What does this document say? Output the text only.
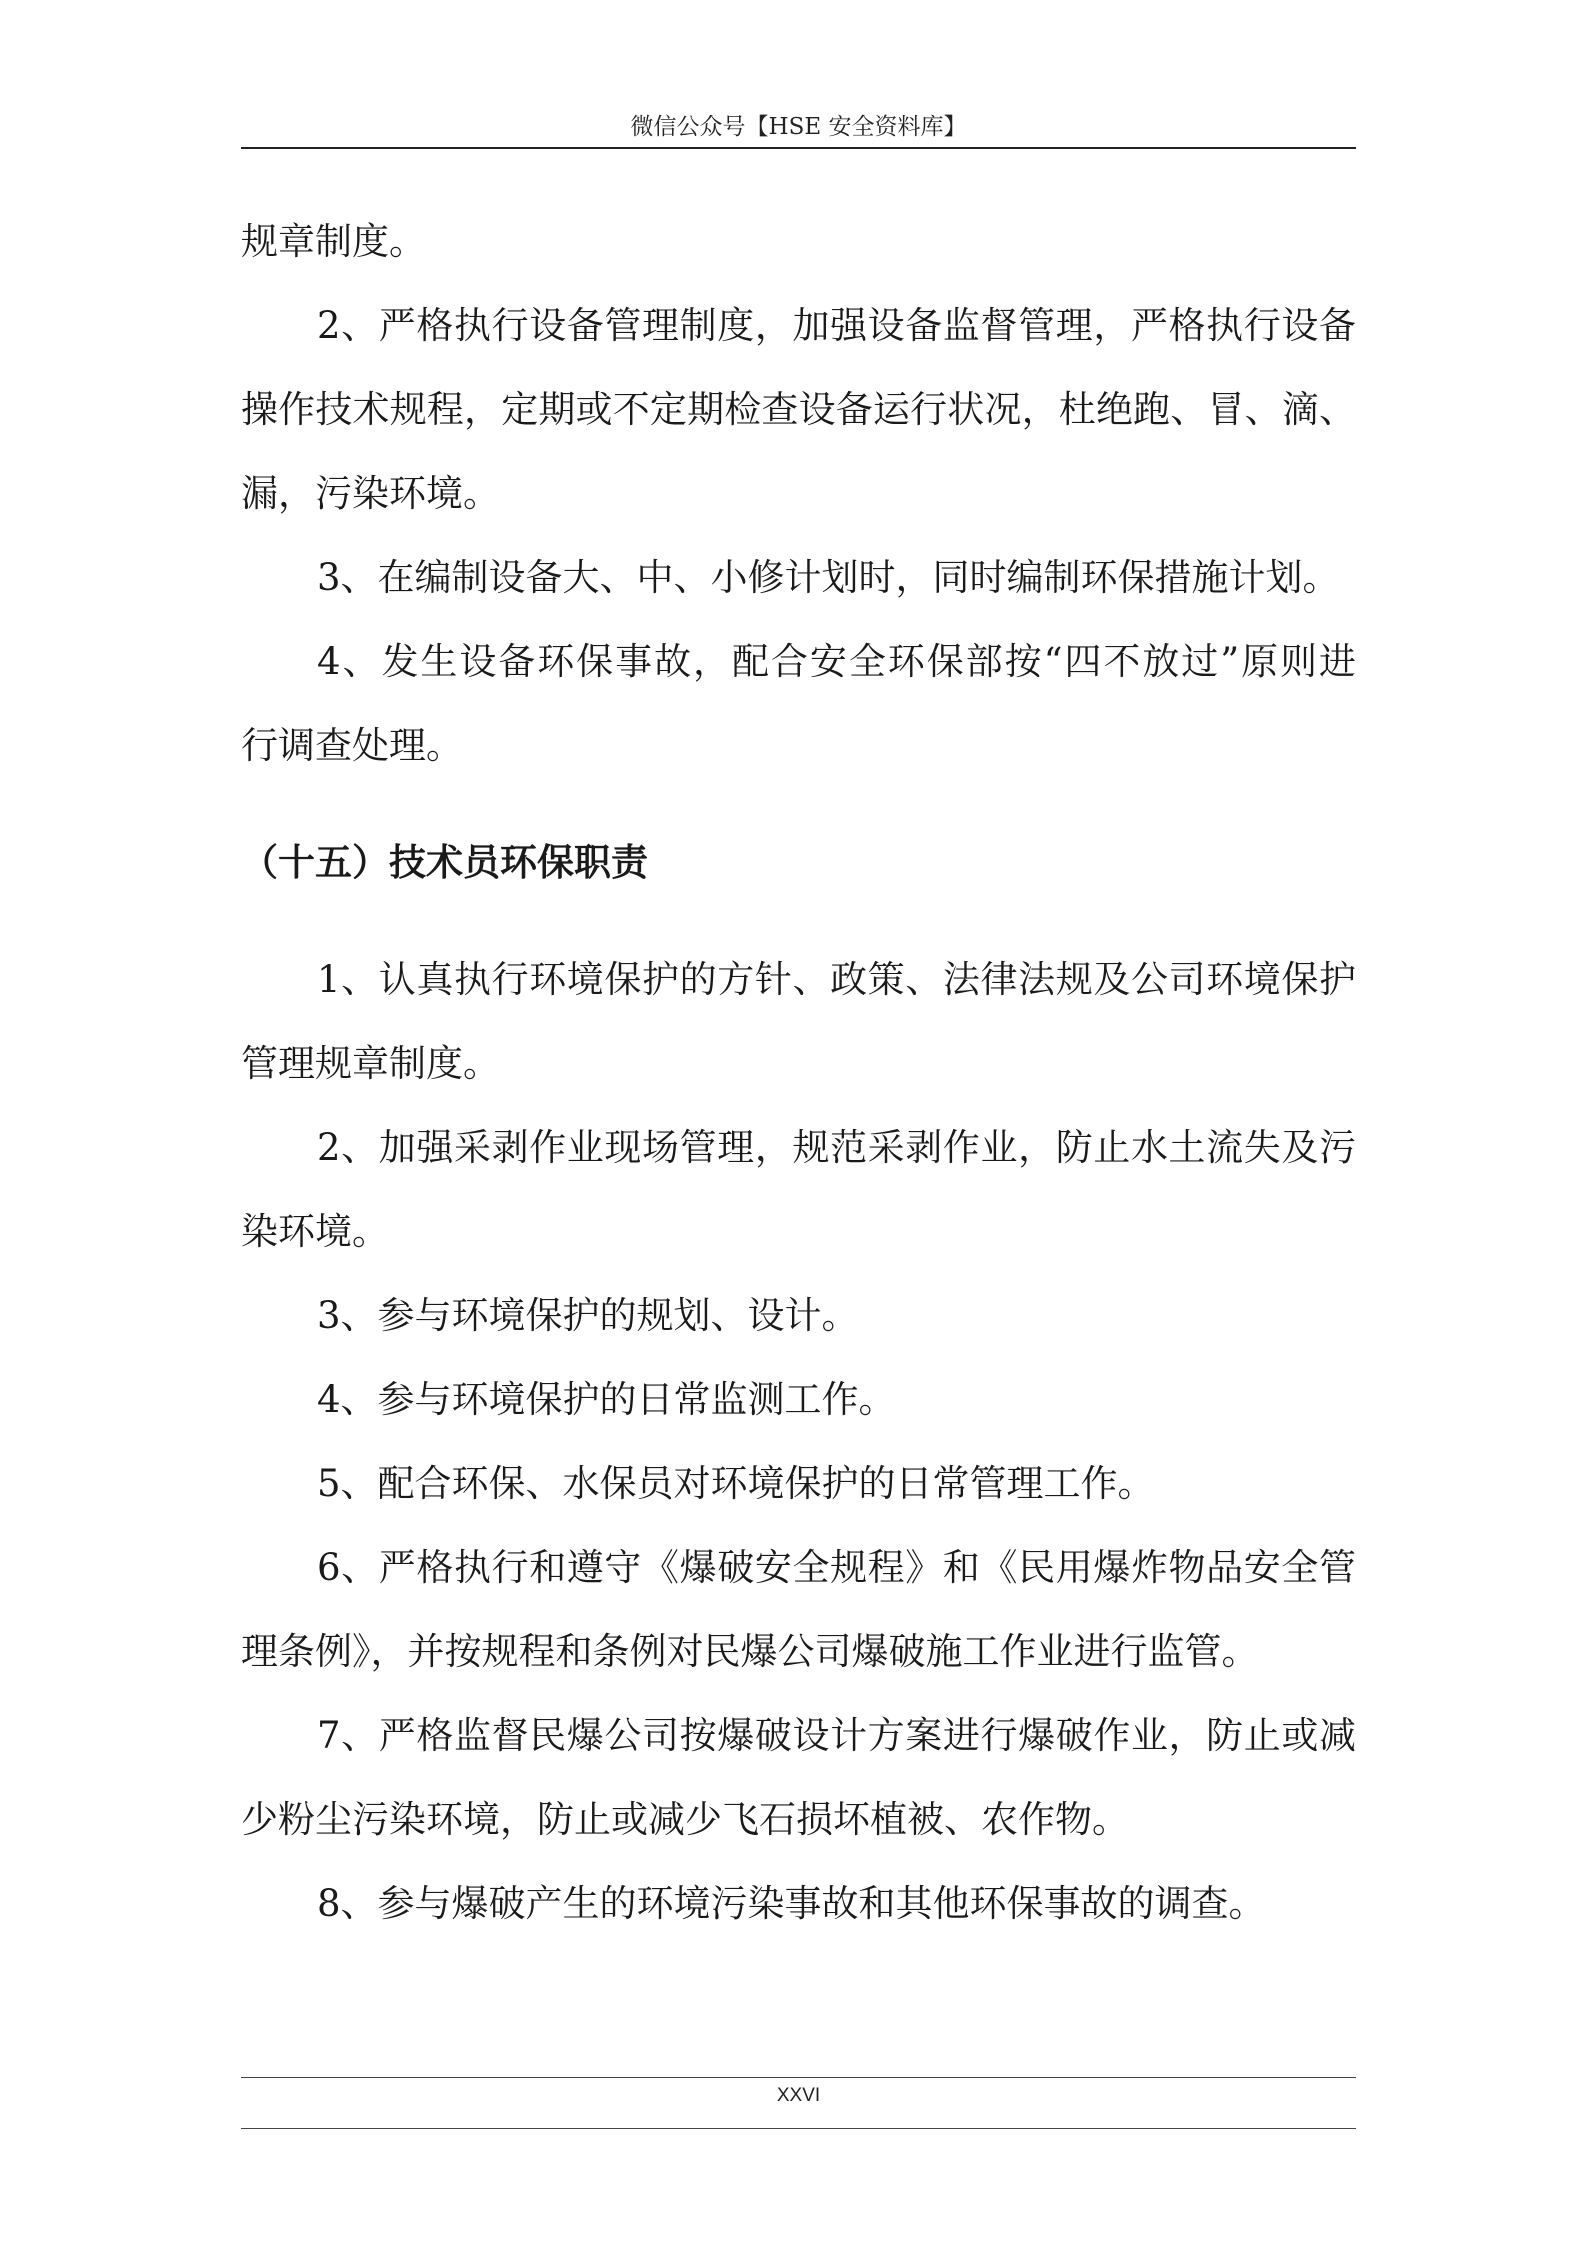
微信公众号【HSE 安全资料库】
规章制度。
2、严格执行设备管理制度，加强设备监督管理，严格执行设备
操作技术规程，定期或不定期检查设备运行状况，杜绝跑、冒、滴、
漏，污染环境。
3、在编制设备大、中、小修计划时，同时编制环保措施计划。
4、发生设备环保事故，配合安全环保部按“四不放过”原则进
行调查处理。
（十五）技术员环保职责
1、认真执行环境保护的方针、政策、法律法规及公司环境保护
管理规章制度。
2、加强采剥作业现场管理，规范采剥作业，防止水土流失及污
染环境。
3、参与环境保护的规划、设计。
4、参与环境保护的日常监测工作。
5、配合环保、水保员对环境保护的日常管理工作。
6、严格执行和遵守《爆破安全规程》和《民用爆炸物品安全管
理条例》，并按规程和条例对民爆公司爆破施工作业进行监管。
7、严格监督民爆公司按爆破设计方案进行爆破作业，防止或减
少粉尘污染环境，防止或减少飞石损坏植被、农作物。
8、参与爆破产生的环境污染事故和其他环保事故的调查。
XXVI
